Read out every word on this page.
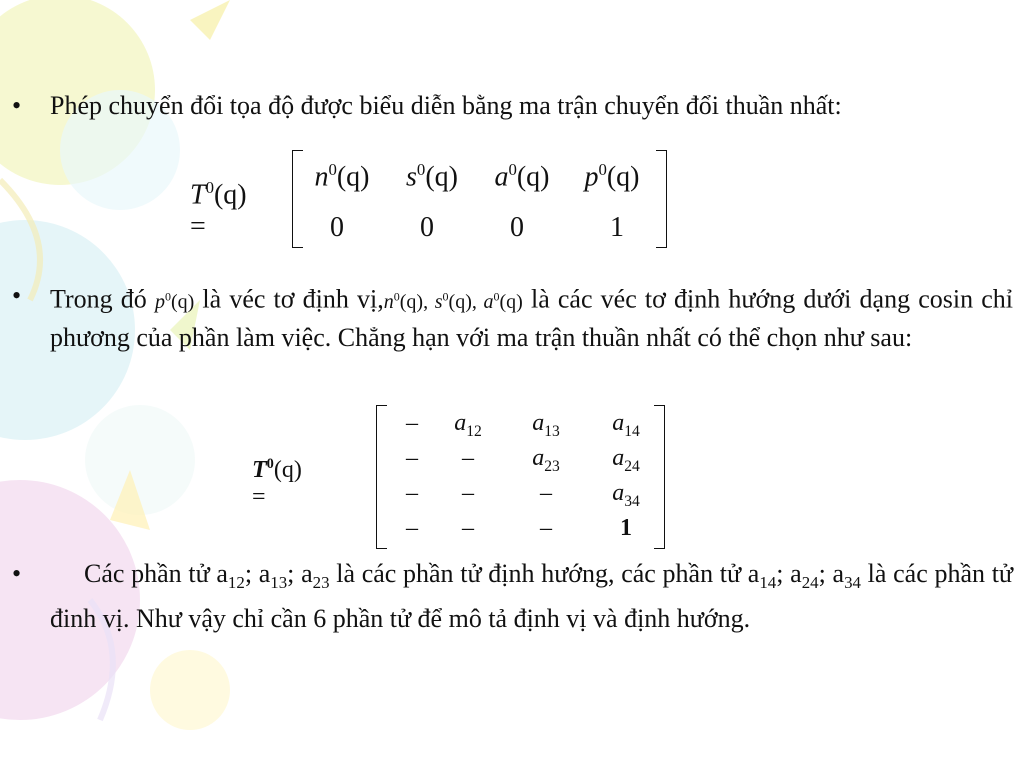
• Phép chuyển đổi tọa độ được biểu diễn bằng ma trận chuyển đổi thuần nhất:
$T^0(q)$ =
$n^0(q)$	$s^0(q)$	$a^0(q)$	$p^0(q)$
0	0	0	1
• Trong đó $p^0(q)$ là véc tơ định $vị,n^0(q)$, $s^0(q)$, $a^0(q)$ là các véc tơ định hướng dưới dạng cosin chỉ phương của phần làm việc. Chẳng hạn với ma trận thuần nhất có thể chọn như sau:
$T^0(q)$ =
–	$a_{12}$	$a_{13}$	$a_{14}$
–	–	$a_{23}$	$a_{24}$
–	–	–	$a_{34}$
–	–	–	1
• Các phần tử $a_{12}$; $a_{13}$; $a_{23}$ là các phần tử định hướng, các phần tử $a_{14}$; $a_{24}$; $a_{34}$ là các phần tử đinh vị. Như vậy chỉ cần 6 phần tử để mô tả định vị và định hướng.
